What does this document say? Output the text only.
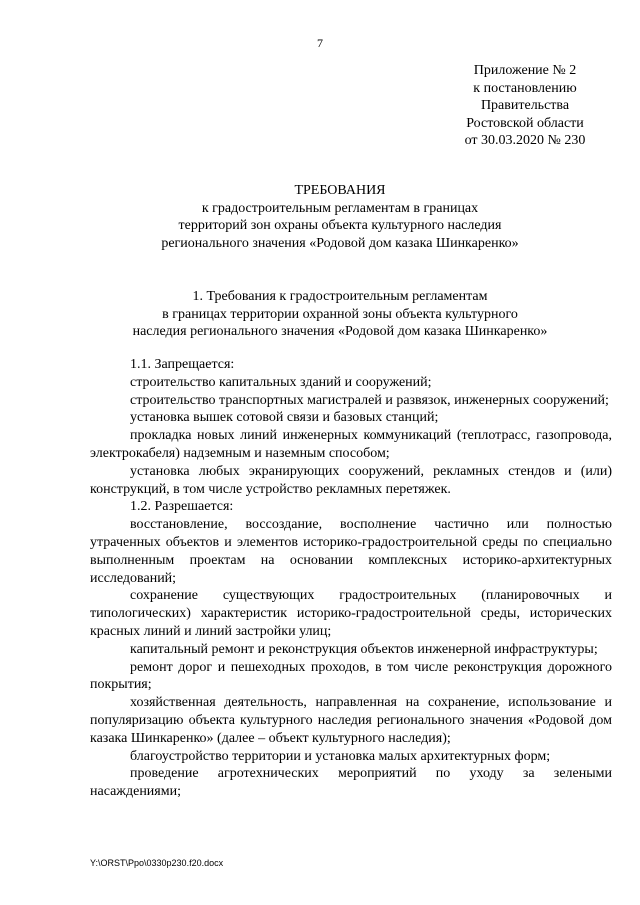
7
Приложение № 2
к постановлению
Правительства
Ростовской области
от 30.03.2020 № 230
ТРЕБОВАНИЯ
к градостроительным регламентам в границах
территорий зон охраны объекта культурного наследия
регионального значения «Родовой дом казака Шинкаренко»
1. Требования к градостроительным регламентам
в границах территории охранной зоны объекта культурного
наследия регионального значения «Родовой дом казака Шинкаренко»

1.1. Запрещается:

строительство капитальных зданий и сооружений;

строительство транспортных магистралей и развязок, инженерных сооружений;

установка вышек сотовой связи и базовых станций;

прокладка новых линий инженерных коммуникаций (теплотрасс, газопровода, электрокабеля) надземным и наземным способом;

установка любых экранирующих сооружений, рекламных стендов и (или) конструкций, в том числе устройство рекламных перетяжек.

1.2. Разрешается:

восстановление, воссоздание, восполнение частично или полностью утраченных объектов и элементов историко-градостроительной среды по специально выполненным проектам на основании комплексных историко-архитектурных исследований;

сохранение существующих градостроительных (планировочных и типологических) характеристик историко-градостроительной среды, исторических красных линий и линий застройки улиц;

капитальный ремонт и реконструкция объектов инженерной инфраструктуры;

ремонт дорог и пешеходных проходов, в том числе реконструкция дорожного покрытия;

хозяйственная деятельность, направленная на сохранение, использование и популяризацию объекта культурного наследия регионального значения «Родовой дом казака Шинкаренко» (далее – объект культурного наследия);

благоустройство территории и установка малых архитектурных форм;

проведение агротехнических мероприятий по уходу за зелеными насаждениями;

Y:\ORST\Ppo\0330p230.f20.docx
